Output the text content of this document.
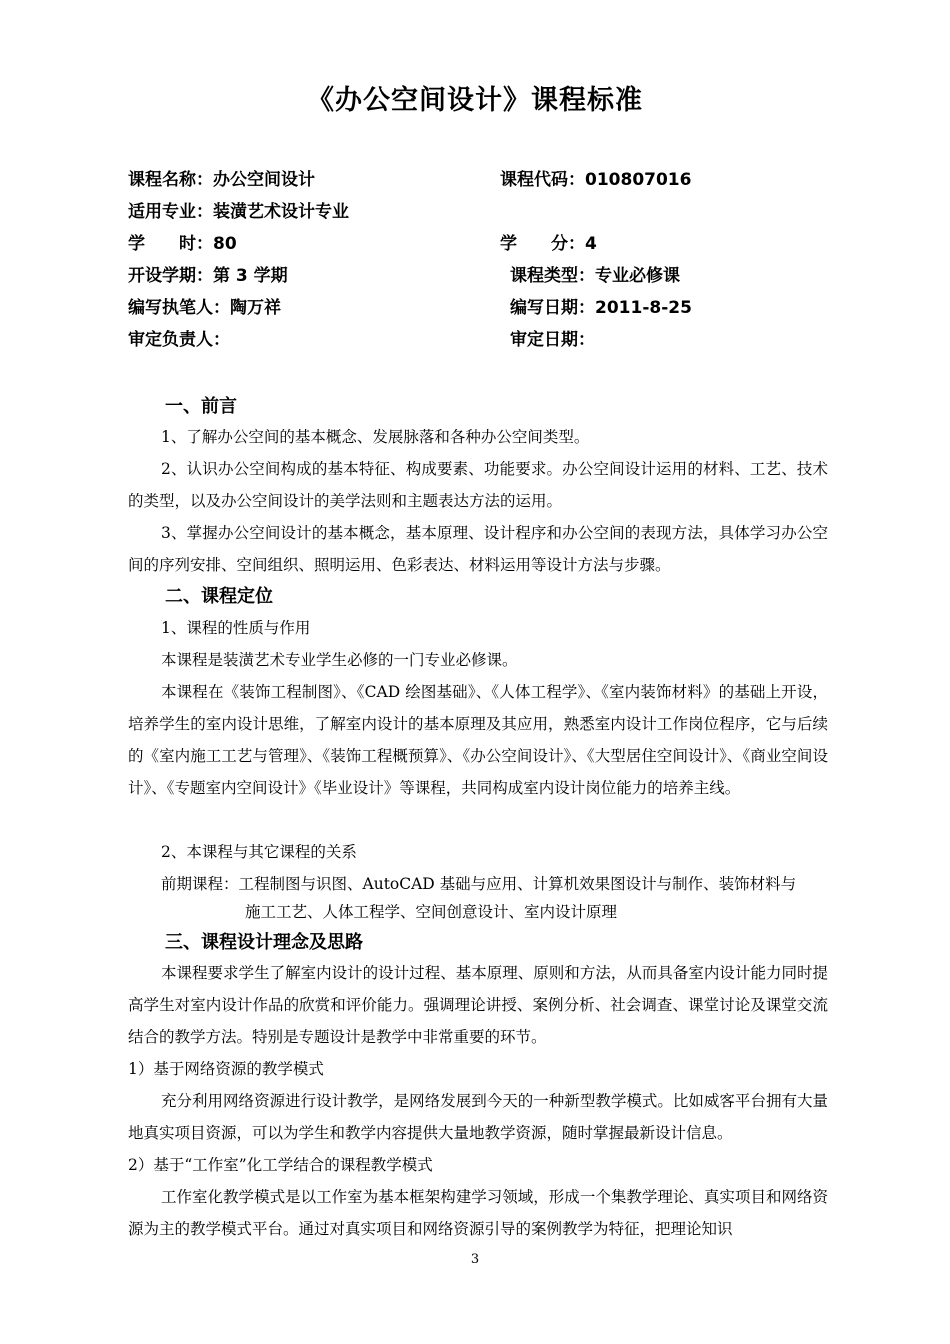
《办公空间设计》课程标准
课程名称：办公空间设计	课程代码：010807016
适用专业：装潢艺术设计专业
学　　时：80	学　　分：4
开设学期：第 3 学期	课程类型：专业必修课
编写执笔人：陶万祥	编写日期：2011-8-25
审定负责人：	审定日期：
一、前言
1、了解办公空间的基本概念、发展脉落和各种办公空间类型。
2、认识办公空间构成的基本特征、构成要素、功能要求。办公空间设计运用的材料、工艺、技术的类型，以及办公空间设计的美学法则和主题表达方法的运用。
3、掌握办公空间设计的基本概念，基本原理、设计程序和办公空间的表现方法，具体学习办公空间的序列安排、空间组织、照明运用、色彩表达、材料运用等设计方法与步骤。
二、课程定位
1、课程的性质与作用
本课程是装潢艺术专业学生必修的一门专业必修课。
本课程在《装饰工程制图》、《CAD 绘图基础》、《人体工程学》、《室内装饰材料》的基础上开设，培养学生的室内设计思维，了解室内设计的基本原理及其应用，熟悉室内设计工作岗位程序，它与后续的《室内施工工艺与管理》、《装饰工程概预算》、《办公空间设计》、《大型居住空间设计》、《商业空间设计》、《专题室内空间设计》《毕业设计》等课程，共同构成室内设计岗位能力的培养主线。
2、本课程与其它课程的关系
前期课程：工程制图与识图、AutoCAD 基础与应用、计算机效果图设计与制作、装饰材料与
施工工艺、人体工程学、空间创意设计、室内设计原理
三、课程设计理念及思路
本课程要求学生了解室内设计的设计过程、基本原理、原则和方法，从而具备室内设计能力同时提高学生对室内设计作品的欣赏和评价能力。强调理论讲授、案例分析、社会调查、课堂讨论及课堂交流结合的教学方法。特别是专题设计是教学中非常重要的环节。
1）基于网络资源的教学模式
充分利用网络资源进行设计教学，是网络发展到今天的一种新型教学模式。比如威客平台拥有大量地真实项目资源，可以为学生和教学内容提供大量地教学资源，随时掌握最新设计信息。
2）基于“工作室”化工学结合的课程教学模式
工作室化教学模式是以工作室为基本框架构建学习领域，形成一个集教学理论、真实项目和网络资源为主的教学模式平台。通过对真实项目和网络资源引导的案例教学为特征，把理论知识
3
